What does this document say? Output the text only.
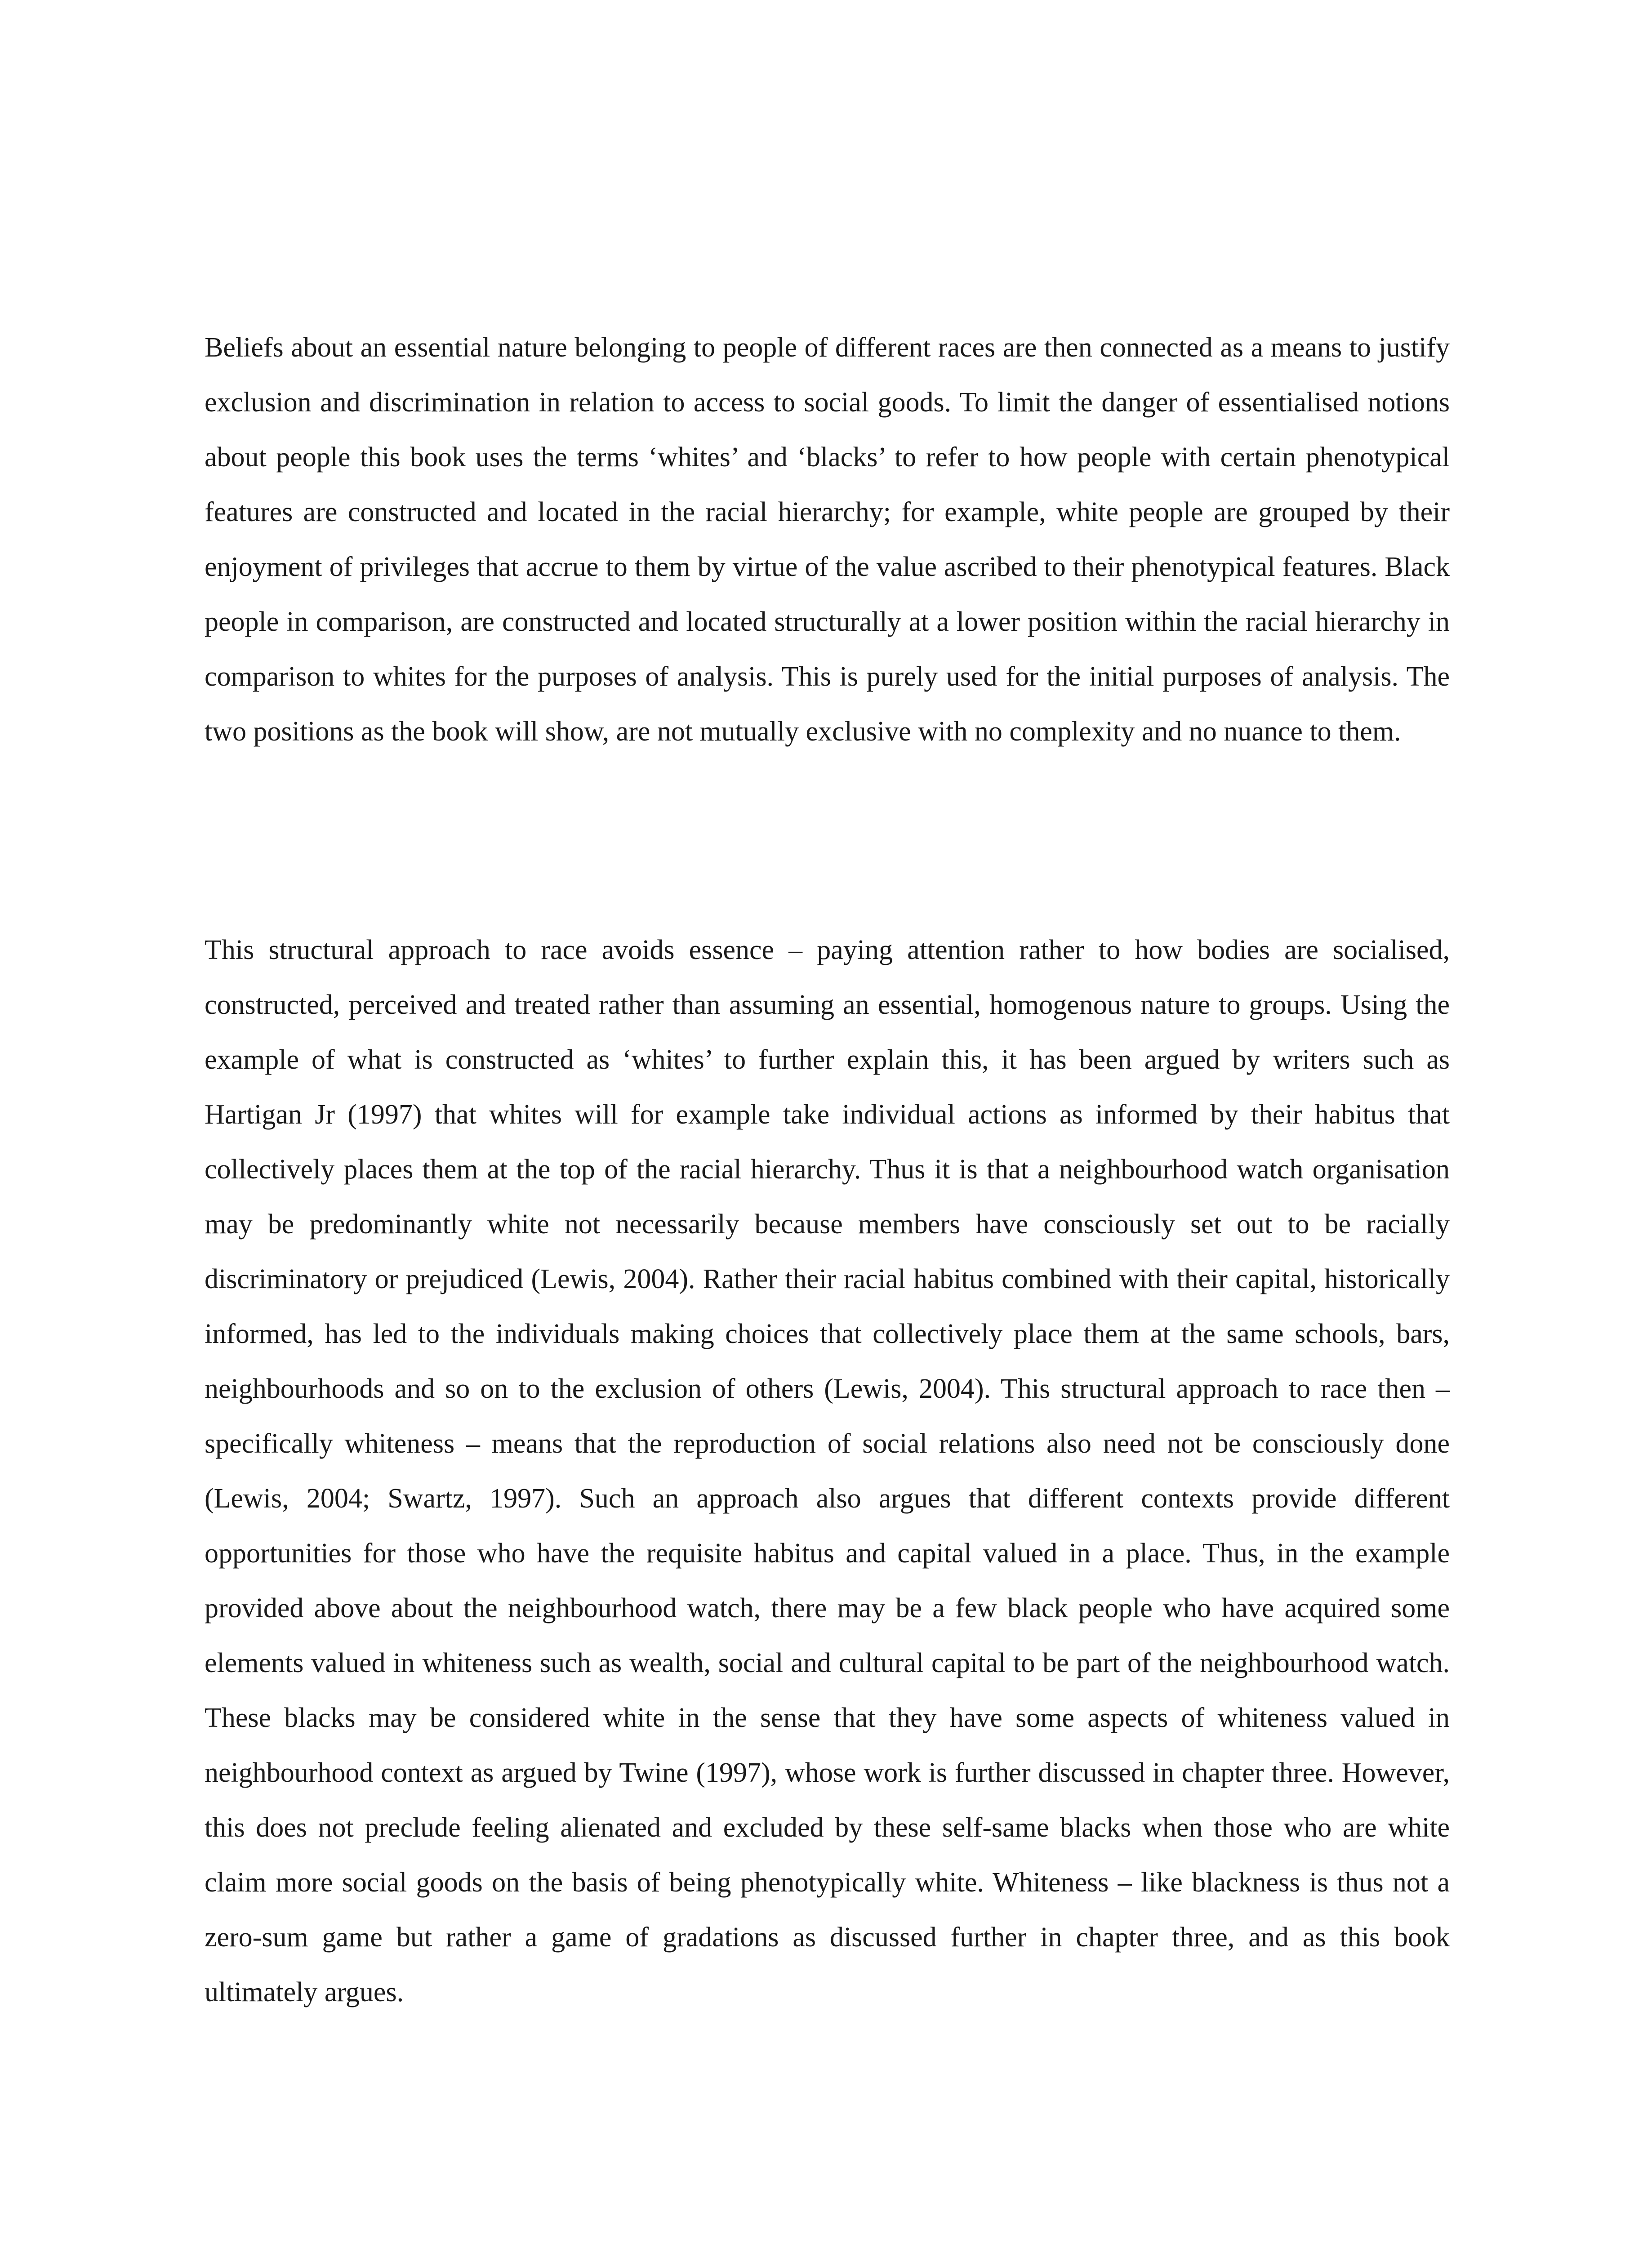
Beliefs about an essential nature belonging to people of different races are then connected as a means to justify exclusion and discrimination in relation to access to social goods. To limit the danger of essentialised notions about people this book uses the terms ‘whites’ and ‘blacks’ to refer to how people with certain phenotypical features are constructed and located in the racial hierarchy; for example, white people are grouped by their enjoyment of privileges that accrue to them by virtue of the value ascribed to their phenotypical features. Black people in comparison, are constructed and located structurally at a lower position within the racial hierarchy in comparison to whites for the purposes of analysis. This is purely used for the initial purposes of analysis. The two positions as the book will show, are not mutually exclusive with no complexity and no nuance to them.

This structural approach to race avoids essence – paying attention rather to how bodies are socialised, constructed, perceived and treated rather than assuming an essential, homogenous nature to groups. Using the example of what is constructed as ‘whites’ to further explain this, it has been argued by writers such as Hartigan Jr (1997) that whites will for example take individual actions as informed by their habitus that collectively places them at the top of the racial hierarchy. Thus it is that a neighbourhood watch organisation may be predominantly white not necessarily because members have consciously set out to be racially discriminatory or prejudiced (Lewis, 2004). Rather their racial habitus combined with their capital, historically informed, has led to the individuals making choices that collectively place them at the same schools, bars, neighbourhoods and so on to the exclusion of others (Lewis, 2004). This structural approach to race then – specifically whiteness – means that the reproduction of social relations also need not be consciously done (Lewis, 2004; Swartz, 1997). Such an approach also argues that different contexts provide different opportunities for those who have the requisite habitus and capital valued in a place. Thus, in the example provided above about the neighbourhood watch, there may be a few black people who have acquired some elements valued in whiteness such as wealth, social and cultural capital to be part of the neighbourhood watch. These blacks may be considered white in the sense that they have some aspects of whiteness valued in neighbourhood context as argued by Twine (1997), whose work is further discussed in chapter three. However, this does not preclude feeling alienated and excluded by these self-same blacks when those who are white claim more social goods on the basis of being phenotypically white. Whiteness – like blackness is thus not a zero-sum game but rather a game of gradations as discussed further in chapter three, and as this book ultimately argues.
